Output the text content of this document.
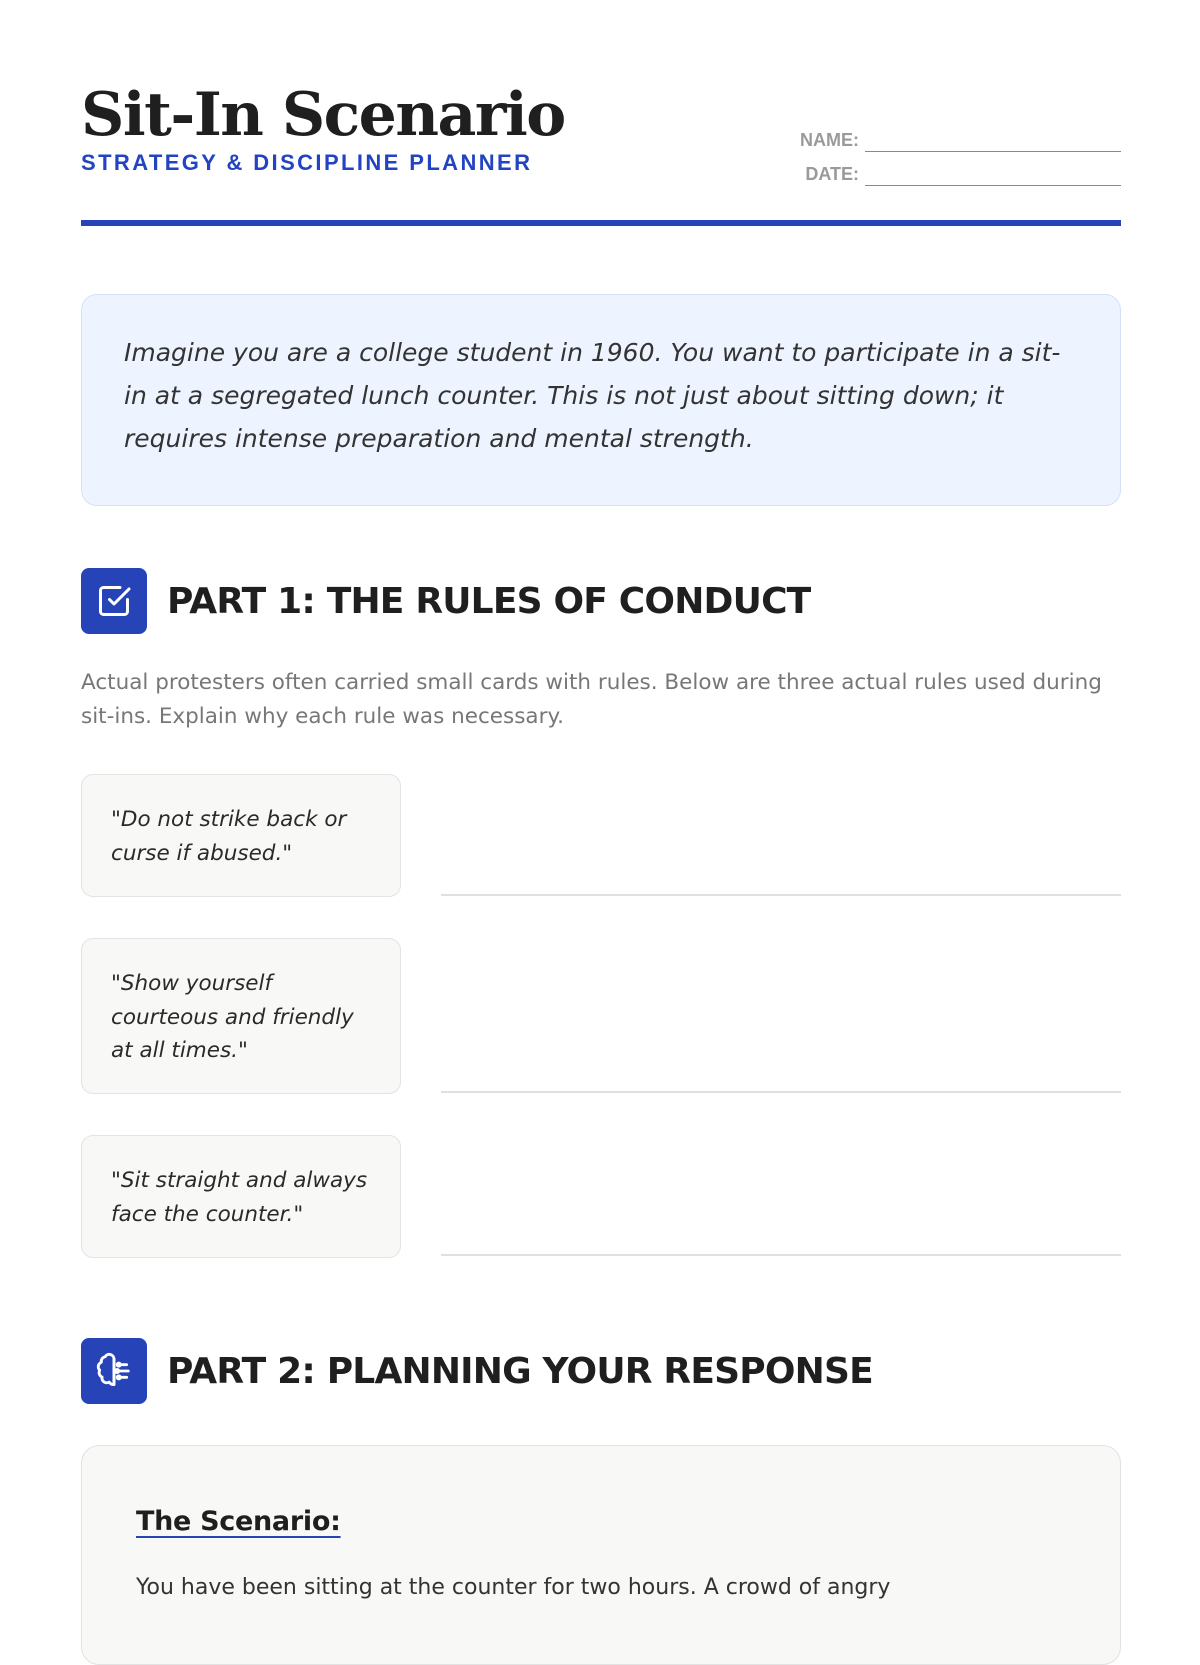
Sit-In Scenario
STRATEGY & DISCIPLINE PLANNER
NAME:
DATE:
Imagine you are a college student in 1960. You want to participate in a sit-in at a segregated lunch counter. This is not just about sitting down; it requires intense preparation and mental strength.
PART 1: THE RULES OF CONDUCT
Actual protesters often carried small cards with rules. Below are three actual rules used during sit-ins. Explain why each rule was necessary.
"Do not strike back or curse if abused."
"Show yourself courteous and friendly at all times."
"Sit straight and always face the counter."
PART 2: PLANNING YOUR RESPONSE
The Scenario:
You have been sitting at the counter for two hours. A crowd of angry
